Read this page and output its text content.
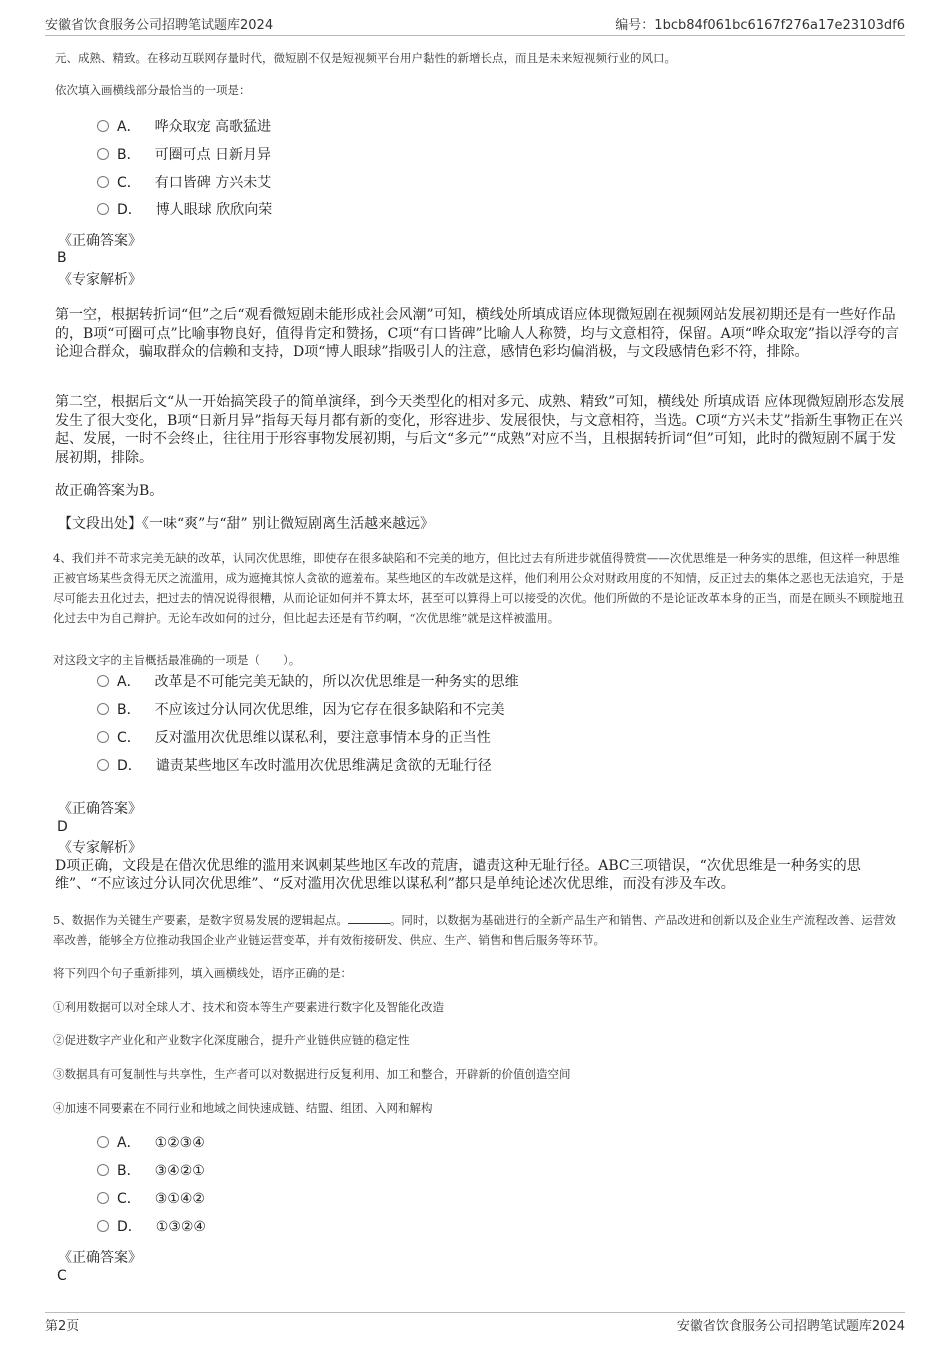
安徽省饮食服务公司招聘笔试题库2024	编号：1bcb84f061bc6167f276a17e23103df6
元、成熟、精致。在移动互联网存量时代，微短剧不仅是短视频平台用户黏性的新增长点，而且是未来短视频行业的风口。
依次填入画横线部分最恰当的一项是：
A． 哗众取宠 高歌猛进
B． 可圈可点 日新月异
C． 有口皆碑 方兴未艾
D． 博人眼球 欣欣向荣
《正确答案》
B
《专家解析》
第一空，根据转折词“但”之后“观看微短剧未能形成社会风潮”可知，横线处所填成语应体现微短剧在视频网站发展初期还是有一些好作品的，B项“可圈可点”比喻事物良好，值得肯定和赞扬，C项“有口皆碑”比喻人人称赞，均与文意相符，保留。A项“哗众取宠”指以浮夸的言论迎合群众，骗取群众的信赖和支持，D项“博人眼球”指吸引人的注意，感情色彩均偏消极，与文段感情色彩不符，排除。
第二空，根据后文“从一开始搞笑段子的简单演绎，到今天类型化的相对多元、成熟、精致”可知，横线处 所填成语 应体现微短剧形态发展发生了很大变化，B项“日新月异”指每天每月都有新的变化，形容进步、发展很快，与文意相符，当选。C项“方兴未艾”指新生事物正在兴起、发展，一时不会终止，往往用于形容事物发展初期，与后文“多元”“成熟”对应不当，且根据转折词“但”可知，此时的微短剧不属于发展初期，排除。
故正确答案为B。
【文段出处】《一味“爽”与“甜” 别让微短剧离生活越来越远》
4、我们并不苛求完美无缺的改革，认同次优思维，即使存在很多缺陷和不完美的地方，但比过去有所进步就值得赞赏——次优思维是一种务实的思维，但这样一种思维正被官场某些贪得无厌之流滥用，成为遮掩其惊人贪欲的遮羞布。某些地区的车改就是这样，他们利用公众对财政用度的不知情，反正过去的集体之恶也无法追究，于是尽可能去丑化过去，把过去的情况说得很糟，从而论证如何并不算太坏，甚至可以算得上可以接受的次优。他们所做的不是论证改革本身的正当，而是在顾头不顾腚地丑化过去中为自己辩护。无论车改如何的过分，但比起去还是有节约啊，“次优思维”就是这样被滥用。
对这段文字的主旨概括最准确的一项是（　　）。
A． 改革是不可能完美无缺的，所以次优思维是一种务实的思维
B． 不应该过分认同次优思维，因为它存在很多缺陷和不完美
C． 反对滥用次优思维以谋私利，要注意事情本身的正当性
D． 谴责某些地区车改时滥用次优思维满足贪欲的无耻行径
《正确答案》
D
《专家解析》
D项正确，文段是在借次优思维的滥用来讽刺某些地区车改的荒唐，谴责这种无耻行径。ABC三项错误，“次优思维是一种务实的思维”、“不应该过分认同次优思维”、“反对滥用次优思维以谋私利”都只是单纯论述次优思维，而没有涉及车改。
5、数据作为关键生产要素，是数字贸易发展的逻辑起点。	。同时，以数据为基础进行的全新产品生产和销售、产品改进和创新以及企业生产流程改善、运营效率改善，能够全方位推动我国企业产业链运营变革，并有效衔接研发、供应、生产、销售和售后服务等环节。
将下列四个句子重新排列，填入画横线处，语序正确的是：
①利用数据可以对全球人才、技术和资本等生产要素进行数字化及智能化改造
②促进数字产业化和产业数字化深度融合，提升产业链供应链的稳定性
③数据具有可复制性与共享性，生产者可以对数据进行反复利用、加工和整合，开辟新的价值创造空间
④加速不同要素在不同行业和地域之间快速成链、结盟、组团、入网和解构
A． ①②③④
B． ③④②①
C． ③①④②
D． ①③②④
《正确答案》
C
第2页	安徽省饮食服务公司招聘笔试题库2024
